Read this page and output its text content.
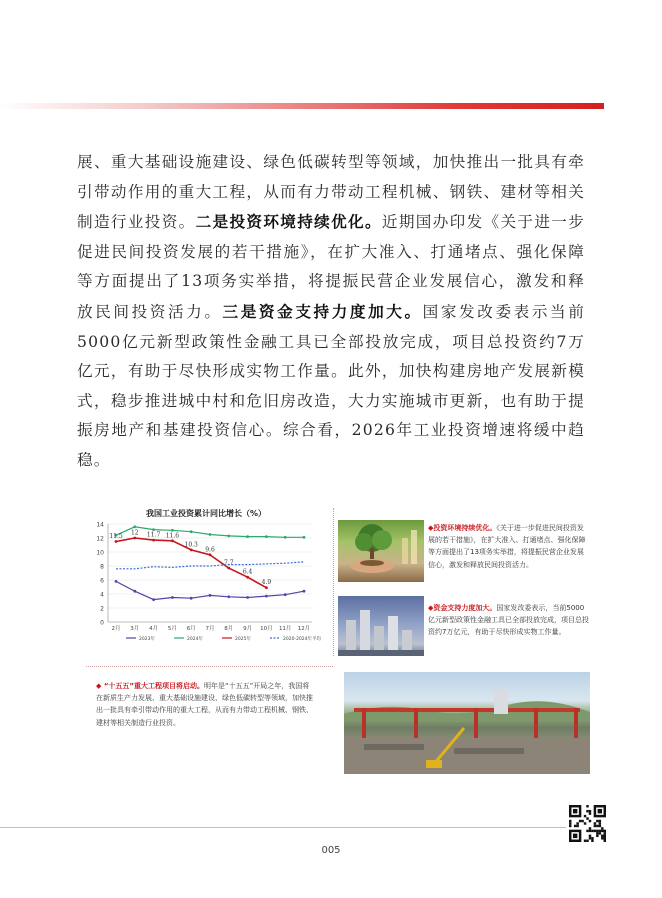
展、重大基础设施建设、绿色低碳转型等领域，加快推出一批具有牵引带动作用的重大工程，从而有力带动工程机械、钢铁、建材等相关制造行业投资。二是投资环境持续优化。近期国办印发《关于进一步促进民间投资发展的若干措施》，在扩大准入、打通堵点、强化保障等方面提出了13项务实举措，将提振民营企业发展信心，激发和释放民间投资活力。三是资金支持力度加大。国家发改委表示当前5000亿元新型政策性金融工具已全部投放完成，项目总投资约7万亿元，有助于尽快形成实物工作量。此外，加快构建房地产发展新模式，稳步推进城中村和危旧房改造，大力实施城市更新，也有助于提振房地产和基建投资信心。综合看，2026年工业投资增速将缓中趋稳。

我国工业投资累计同比增长（%）
0
2
4
6
8
10
12
14
2月 3月 4月 5月 6月 7月 8月 9月 10月 11月 12月
11.5 12 11.7 11.6
10.3
9.6
7.7
6.4
4.9
2023年	2024年	2025年	2020-2024年平均
◆投资环境持续优化。《关于进一步促进民间投资发展的若干措施》，在扩大准入、打通堵点、强化保障等方面提出了13项务实举措，将提振民营企业发展信心，激发和释放民间投资活力。
◆资金支持力度加大。国家发改委表示，当前5000亿元新型政策性金融工具已全部投放完成，项目总投资约7万亿元，有助于尽快形成实物工作量。
◆ “十五五”重大工程项目将启动。明年是“十五五”开局之年，我国将在新质生产力发展、重大基础设施建设、绿色低碳转型等领域，加快推出一批具有牵引带动作用的重大工程，从而有力带动工程机械、钢铁、建材等相关制造行业投资。
005
